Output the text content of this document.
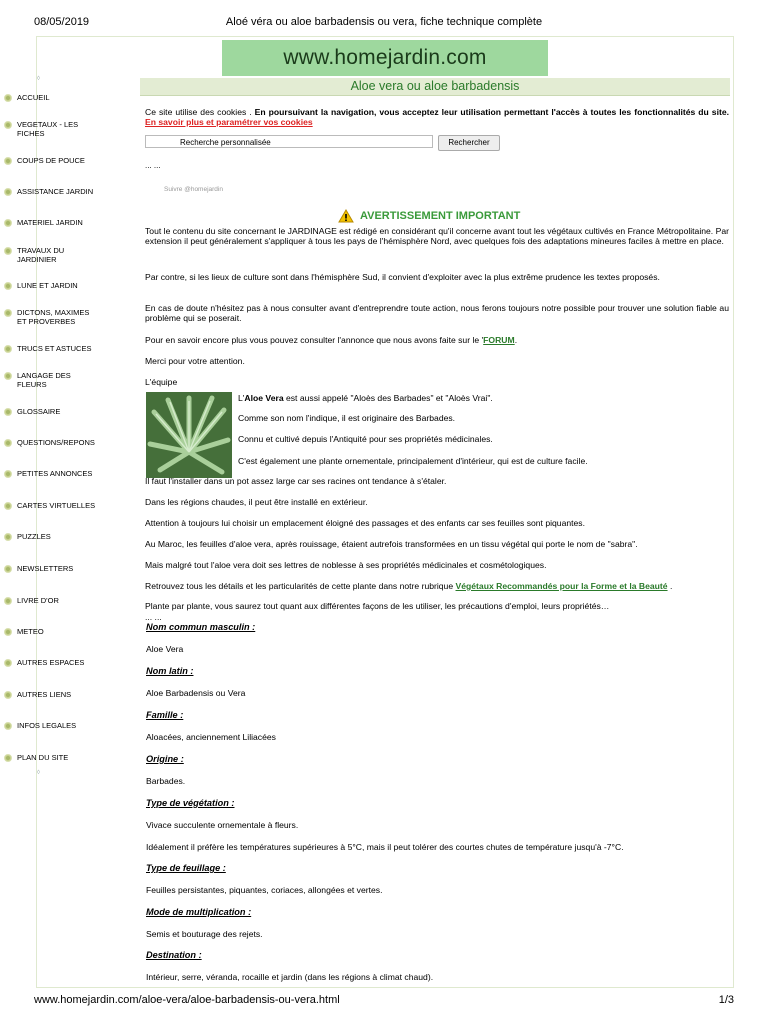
08/05/2019	Aloé véra ou aloe barbadensis ou vera, fiche technique complète
www.homejardin.com/aloe-vera/aloe-barbadensis-ou-vera.html	1/3
◊
◊
www.homejardin.com
Aloe vera ou aloe barbadensis
ACCUEIL
VEGETAUX - LES FICHES
COUPS DE POUCE
ASSISTANCE JARDIN
MATERIEL JARDIN
TRAVAUX DU JARDINIER
LUNE ET JARDIN
DICTONS, MAXIMES ET PROVERBES
TRUCS ET ASTUCES
LANGAGE DES FLEURS
GLOSSAIRE
QUESTIONS/REPONS
PETITES ANNONCES
CARTES VIRTUELLES
PUZZLES
NEWSLETTERS
LIVRE D'OR
METEO
AUTRES ESPACES
AUTRES LIENS
INFOS LEGALES
PLAN DU SITE
Ce site utilise des cookies . En poursuivant la navigation, vous acceptez leur utilisation permettant l'accès à toutes les fonctionnalités du site. En savoir plus et paramétrer vos cookies
Recherche personnalisée	Rechercher
... ...
Suivre @homejardin
AVERTISSEMENT IMPORTANT
Tout le contenu du site concernant le JARDINAGE est rédigé en considérant qu'il concerne avant tout les végétaux cultivés en France Métropolitaine. Par extension il peut généralement s'appliquer à tous les pays de l'hémisphère Nord, avec quelques fois des adaptations mineures faciles à mettre en place.
Par contre, si les lieux de culture sont dans l'hémisphère Sud, il convient d'exploiter avec la plus extrême prudence les textes proposés.
En cas de doute n'hésitez pas à nous consulter avant d'entreprendre toute action, nous ferons toujours notre possible pour trouver une solution fiable au problème qui se poserait.
Pour en savoir encore plus vous pouvez consulter l'annonce que nous avons faite sur le 'FORUM.
Merci pour votre attention.
L'équipe
L'Aloe Vera est aussi appelé "Aloès des Barbades" et "Aloès Vrai".
Comme son nom l'indique, il est originaire des Barbades.
Connu et cultivé depuis l'Antiquité pour ses propriétés médicinales.
C'est également une plante ornementale, principalement d'intérieur, qui est de culture facile.
Il faut l'installer dans un pot assez large car ses racines ont tendance à s'étaler.
Dans les régions chaudes, il peut être installé en extérieur.
Attention à toujours lui choisir un emplacement éloigné des passages et des enfants car ses feuilles sont piquantes.
Au Maroc, les feuilles d'aloe vera, après rouissage, étaient autrefois transformées en un tissu végétal qui porte le nom de "sabra".
Mais malgré tout l'aloe vera doit ses lettres de noblesse à ses propriétés médicinales et cosmétologiques.
Retrouvez tous les détails et les particularités de cette plante dans notre rubrique Végétaux Recommandés pour la Forme et la Beauté .
Plante par plante, vous saurez tout quant aux différentes façons de les utiliser, les précautions d'emploi, leurs propriétés…
... ...
Nom commun masculin :
Aloe Vera
Nom latin :
Aloe Barbadensis ou Vera
Famille :
Aloacées, anciennement Liliacées
Origine :
Barbades.
Type de végétation :
Vivace succulente ornementale à fleurs.
Idéalement il préfère les températures supérieures à 5°C, mais il peut tolérer des courtes chutes de température jusqu'à -7°C.
Type de feuillage :
Feuilles persistantes, piquantes, coriaces, allongées et vertes.
Mode de multiplication :
Semis et bouturage des rejets.
Destination :
Intérieur, serre, véranda, rocaille et jardin (dans les régions à climat chaud).
